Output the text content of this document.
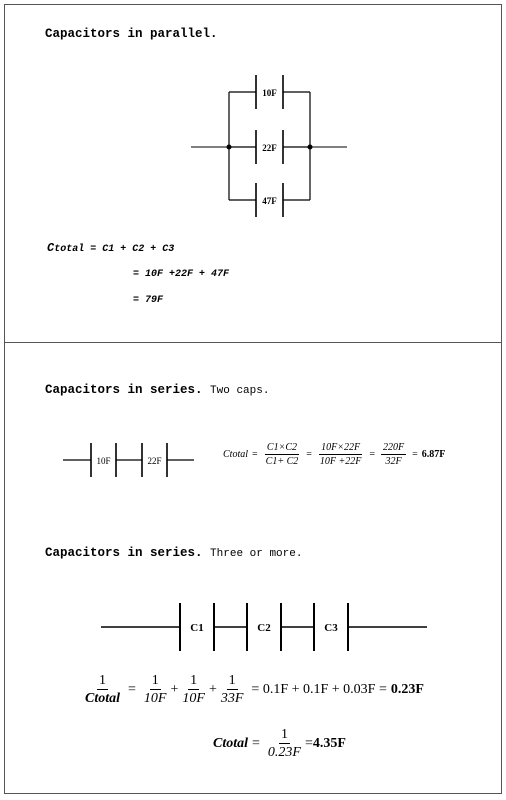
Capacitors in parallel.
10F
22F
47F
Ctotal = C1 + C2 + C3
= 10F +22F + 47F
= 79F
Capacitors in series. Two caps.
10F	22F
C1	C2	C3
Ctotal = $\frac{C1\times C2}{C1+ C2} = \frac{10F\times 22F}{10F +22F} = \frac{220F}{32F} = 6.87F$
Capacitors in series. Three or more.
$\frac{1}{\text{Ctotal}} = \frac{1}{10F} + \frac{1}{10F} + \frac{1}{33F} = 0.1F + 0.1F + 0.03F = 0.23F$
Ctotal = $\frac{1}{0.23F} = 4.35F$
